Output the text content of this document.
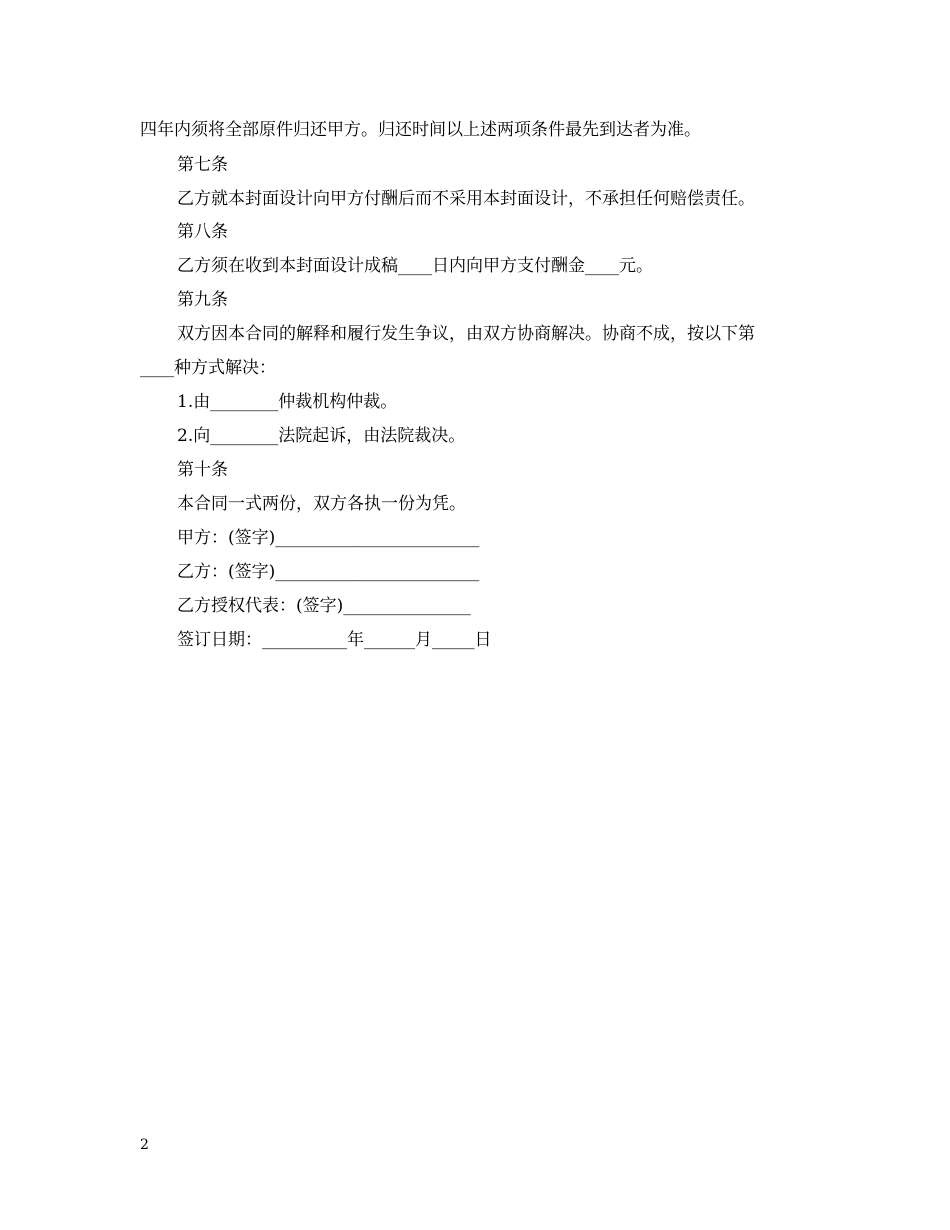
四年内须将全部原件归还甲方。归还时间以上述两项条件最先到达者为准。
第七条
乙方就本封面设计向甲方付酬后而不采用本封面设计，不承担任何赔偿责任。
第八条
乙方须在收到本封面设计成稿____日内向甲方支付酬金____元。
第九条
双方因本合同的解释和履行发生争议，由双方协商解决。协商不成，按以下第
____种方式解决：
1.由________仲裁机构仲裁。
2.向________法院起诉，由法院裁决。
第十条
本合同一式两份，双方各执一份为凭。
甲方：(签字)________________________
乙方：(签字)________________________
乙方授权代表：(签字)_______________
签订日期：__________年______月_____日
2
